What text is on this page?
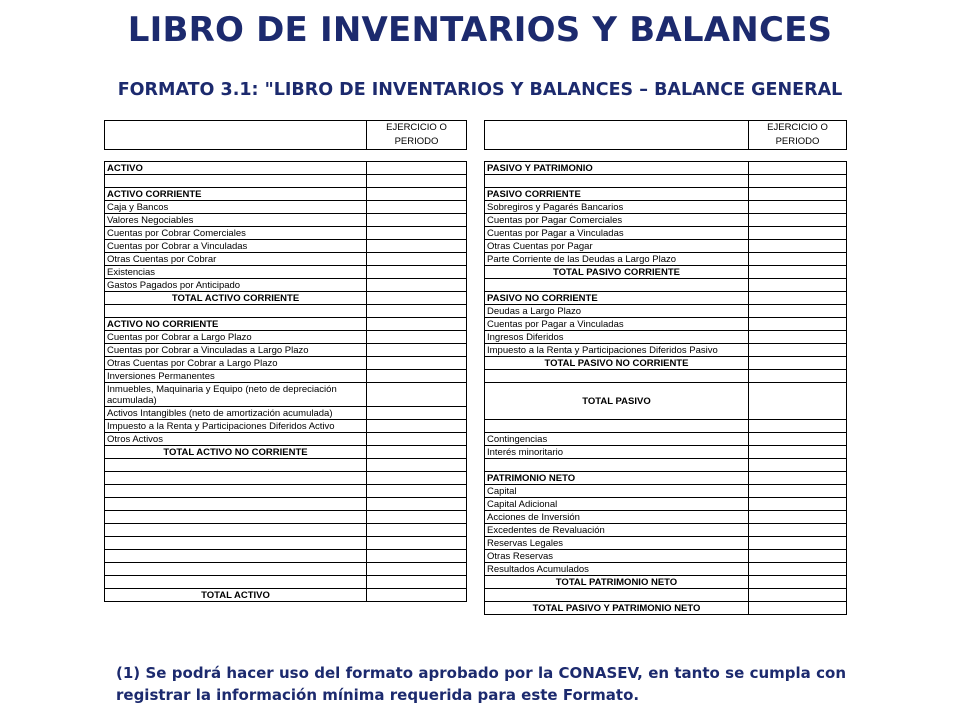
LIBRO DE INVENTARIOS Y BALANCES
FORMATO 3.1: "LIBRO DE INVENTARIOS Y BALANCES – BALANCE GENERAL
	EJERCICIO O PERIODO

ACTIVO	

ACTIVO CORRIENTE	
Caja y Bancos	
Valores Negociables	
Cuentas por Cobrar Comerciales	
Cuentas por Cobrar a Vinculadas	
Otras Cuentas por Cobrar	
Existencias	
Gastos Pagados por Anticipado	
TOTAL ACTIVO CORRIENTE	

ACTIVO NO CORRIENTE	
Cuentas por Cobrar a Largo Plazo	
Cuentas por Cobrar a Vinculadas a Largo Plazo	
Otras Cuentas por Cobrar a Largo Plazo	
Inversiones Permanentes	
Inmuebles, Maquinaria y Equipo (neto de depreciación acumulada)	
Activos Intangibles (neto de amortización acumulada)	
Impuesto a la Renta y Participaciones Diferidos Activo	
Otros Activos	
TOTAL ACTIVO NO CORRIENTE	

TOTAL ACTIVO	
	EJERCICIO O PERIODO

PASIVO Y PATRIMONIO	

PASIVO CORRIENTE	
Sobregiros y Pagarés Bancarios	
Cuentas por Pagar Comerciales	
Cuentas por Pagar a Vinculadas	
Otras Cuentas por Pagar	
Parte Corriente de las Deudas a Largo Plazo	
TOTAL PASIVO CORRIENTE	

PASIVO NO CORRIENTE	
Deudas a Largo Plazo	
Cuentas por Pagar a Vinculadas	
Ingresos Diferidos	
Impuesto a la Renta y Participaciones Diferidos Pasivo	
TOTAL PASIVO NO CORRIENTE	

TOTAL PASIVO	

Contingencias	
Interés minoritario	

PATRIMONIO NETO	
Capital	
Capital Adicional	
Acciones de Inversión	
Excedentes de Revaluación	
Reservas Legales	
Otras Reservas	
Resultados Acumulados	
TOTAL PATRIMONIO NETO	

TOTAL PASIVO Y PATRIMONIO NETO	
(1) Se podrá hacer uso del formato aprobado por la CONASEV, en tanto se cumpla con registrar la información mínima requerida para este Formato.
